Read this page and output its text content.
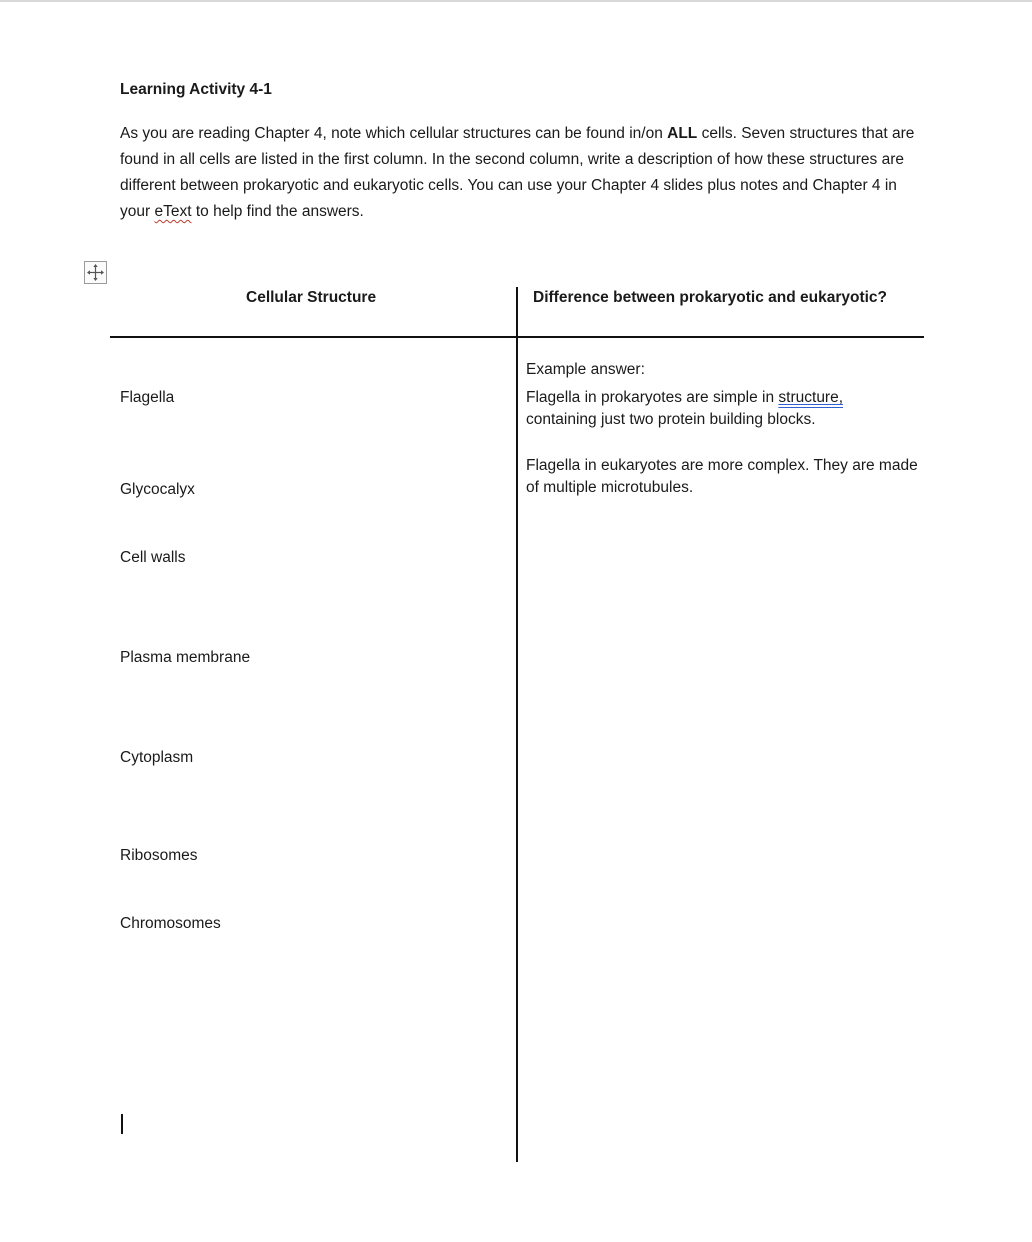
Learning Activity 4-1
As you are reading Chapter 4, note which cellular structures can be found in/on ALL cells. Seven structures that are found in all cells are listed in the first column. In the second column, write a description of how these structures are different between prokaryotic and eukaryotic cells. You can use your Chapter 4 slides plus notes and Chapter 4 in your eText to help find the answers.
Cellular Structure	Difference between prokaryotic and eukaryotic?
Flagella
Glycocalyx
Cell walls
Plasma membrane
Cytoplasm
Ribosomes
Chromosomes
Example answer:
Flagella in prokaryotes are simple in structure,
containing just two protein building blocks.
Flagella in eukaryotes are more complex. They are made of multiple microtubules.
